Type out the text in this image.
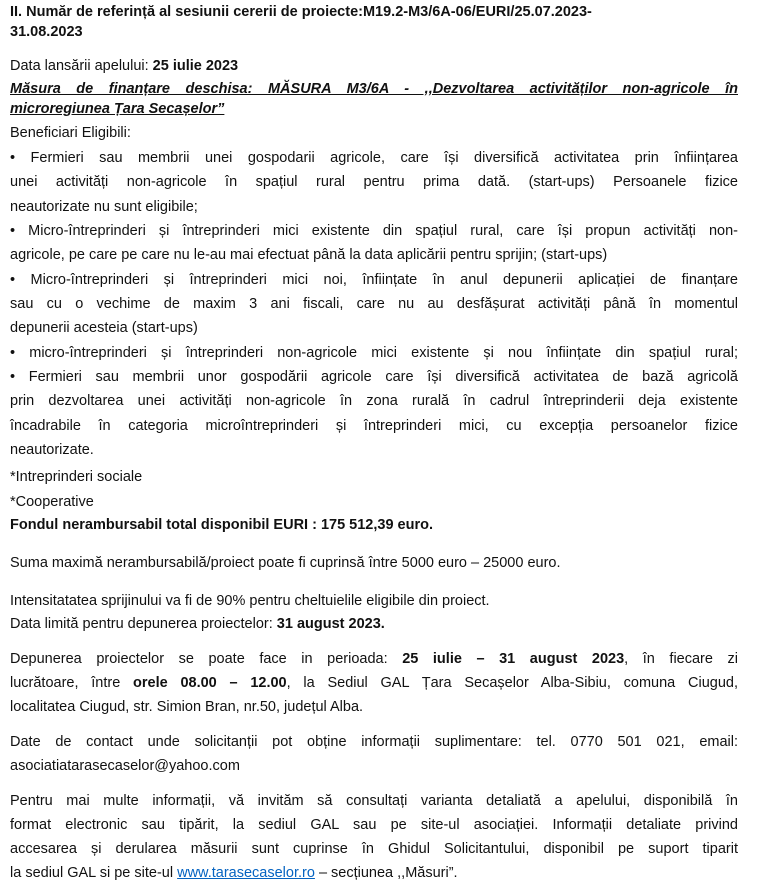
II. Număr de referință al sesiunii cererii de proiecte:M19.2-M3/6A-06/EURI/25.07.2023-
31.08.2023
Data lansării apelului: 25 iulie 2023
Măsura de finanțare deschisa: MĂSURA M3/6A - ,,Dezvoltarea activităților non-agricole în
microregiunea Țara Secașelor”
Beneficiari Eligibili:
• Fermieri sau membrii unei gospodarii agricole, care își diversifică activitatea prin înființarea
unei activități non-agricole în spațiul rural pentru prima dată. (start-ups) Persoanele fizice
neautorizate nu sunt eligibile;
• Micro-întreprinderi și întreprinderi mici existente din spațiul rural, care își propun activități non-
agricole, pe care pe care nu le-au mai efectuat până la data aplicării pentru sprijin; (start-ups)
• Micro-întreprinderi și întreprinderi mici noi, înființate în anul depunerii aplicației de finanțare
sau cu o vechime de maxim 3 ani fiscali, care nu au desfășurat activități până în momentul
depunerii acesteia (start-ups)
• micro-întreprinderi și întreprinderi non-agricole mici existente și nou înființate din spațiul rural;
• Fermieri sau membrii unor gospodării agricole care își diversifică activitatea de bază agricolă
prin dezvoltarea unei activități non-agricole în zona rurală în cadrul întreprinderii deja existente
încadrabile în categoria microîntreprinderi și întreprinderi mici, cu excepția persoanelor fizice
neautorizate.
*Intreprinderi sociale
*Cooperative
Fondul nerambursabil total disponibil EURI : 175 512,39 euro.
Suma maximă nerambursabilă/proiect poate fi cuprinsă între 5000 euro – 25000 euro.
Intensitatatea sprijinului va fi de 90% pentru cheltuielile eligibile din proiect.
Data limită pentru depunerea proiectelor: 31 august 2023.
Depunerea proiectelor se poate face in perioada: 25 iulie – 31 august 2023, în fiecare zi
lucrătoare, între orele 08.00 – 12.00, la Sediul GAL Țara Secașelor Alba-Sibiu, comuna Ciugud,
localitatea Ciugud, str. Simion Bran, nr.50, județul Alba.
Date de contact unde solicitanții pot obține informații suplimentare: tel. 0770 501 021, email:
asociatiatarasecaselor@yahoo.com
Pentru mai multe informații, vă invităm să consultați varianta detaliată a apelului, disponibilă în
format electronic sau tipărit, la sediul GAL sau pe site-ul asociației. Informații detaliate privind
accesarea și derularea măsurii sunt cuprinse în Ghidul Solicitantului, disponibil pe suport tiparit
la sediul GAL si pe site-ul www.tarasecaselor.ro – secțiunea ,,Măsuri”.
